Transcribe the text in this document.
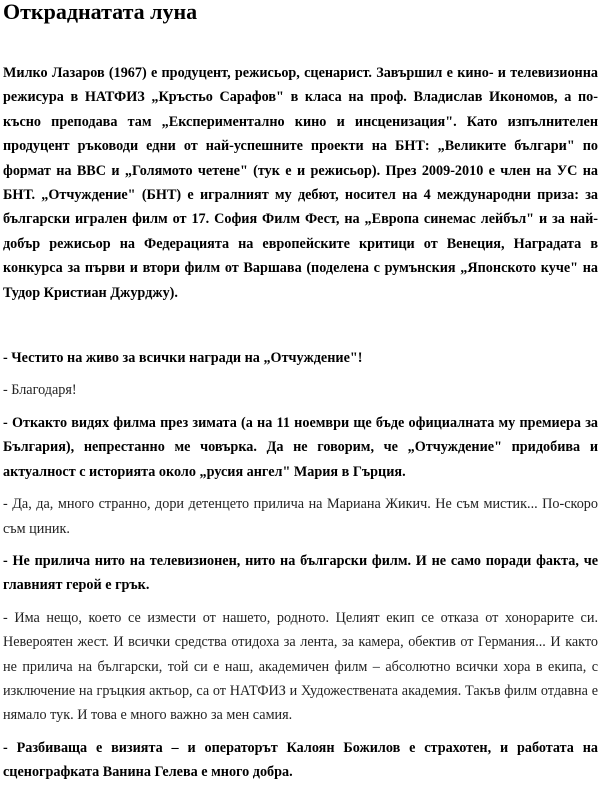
Откраднатата луна

Милко Лазаров (1967) е продуцент, режисьор, сценарист. Завършил е кино- и телевизионна режисура в НАТФИЗ „Кръстьо Сарафов" в класа на проф. Владислав Икономов, а по-късно преподава там „Експериментално кино и инсценизация". Като изпълнителен продуцент ръководи едни от най-успешните проекти на БНТ: „Великите българи" по формат на BBC и „Голямото четене" (тук е и режисьор). През 2009-2010 е член на УС на БНТ. „Отчуждение" (БНТ) е игралният му дебют, носител на 4 международни приза: за български игрален филм от 17. София Филм Фест, на „Европа синемас лейбъл" и за най-добър режисьор на Федерацията на европейските критици от Венеция, Наградата в конкурса за първи и втори филм от Варшава (поделена с румънския „Японското куче" на Тудор Кристиан Джурджу).

- Честито на живо за всички награди на „Отчуждение"!

- Благодаря!

- Откакто видях филма през зимата (а на 11 ноември ще бъде официалната му премиера за България), непрестанно ме човърка. Да не говорим, че „Отчуждение" придобива и актуалност с историята около „русия ангел" Мария в Гърция.

- Да, да, много странно, дори детенцето прилича на Мариана Жикич. Не съм мистик... По-скоро съм циник.

- Не прилича нито на телевизионен, нито на български филм. И не само поради факта, че главният герой е грък.

- Има нещо, което се измести от нашето, родното. Целият екип се отказа от хонорарите си. Невероятен жест. И всички средства отидоха за лента, за камера, обектив от Германия... И както не прилича на български, той си е наш, академичен филм – абсолютно всички хора в екипа, с изключение на гръцкия актьор, са от НАТФИЗ и Художествената академия. Такъв филм отдавна е нямало тук. И това е много важно за мен самия.

- Разбиваща е визията – и операторът Калоян Божилов е страхотен, и работата на сценографката Ванина Гелева е много добра.
